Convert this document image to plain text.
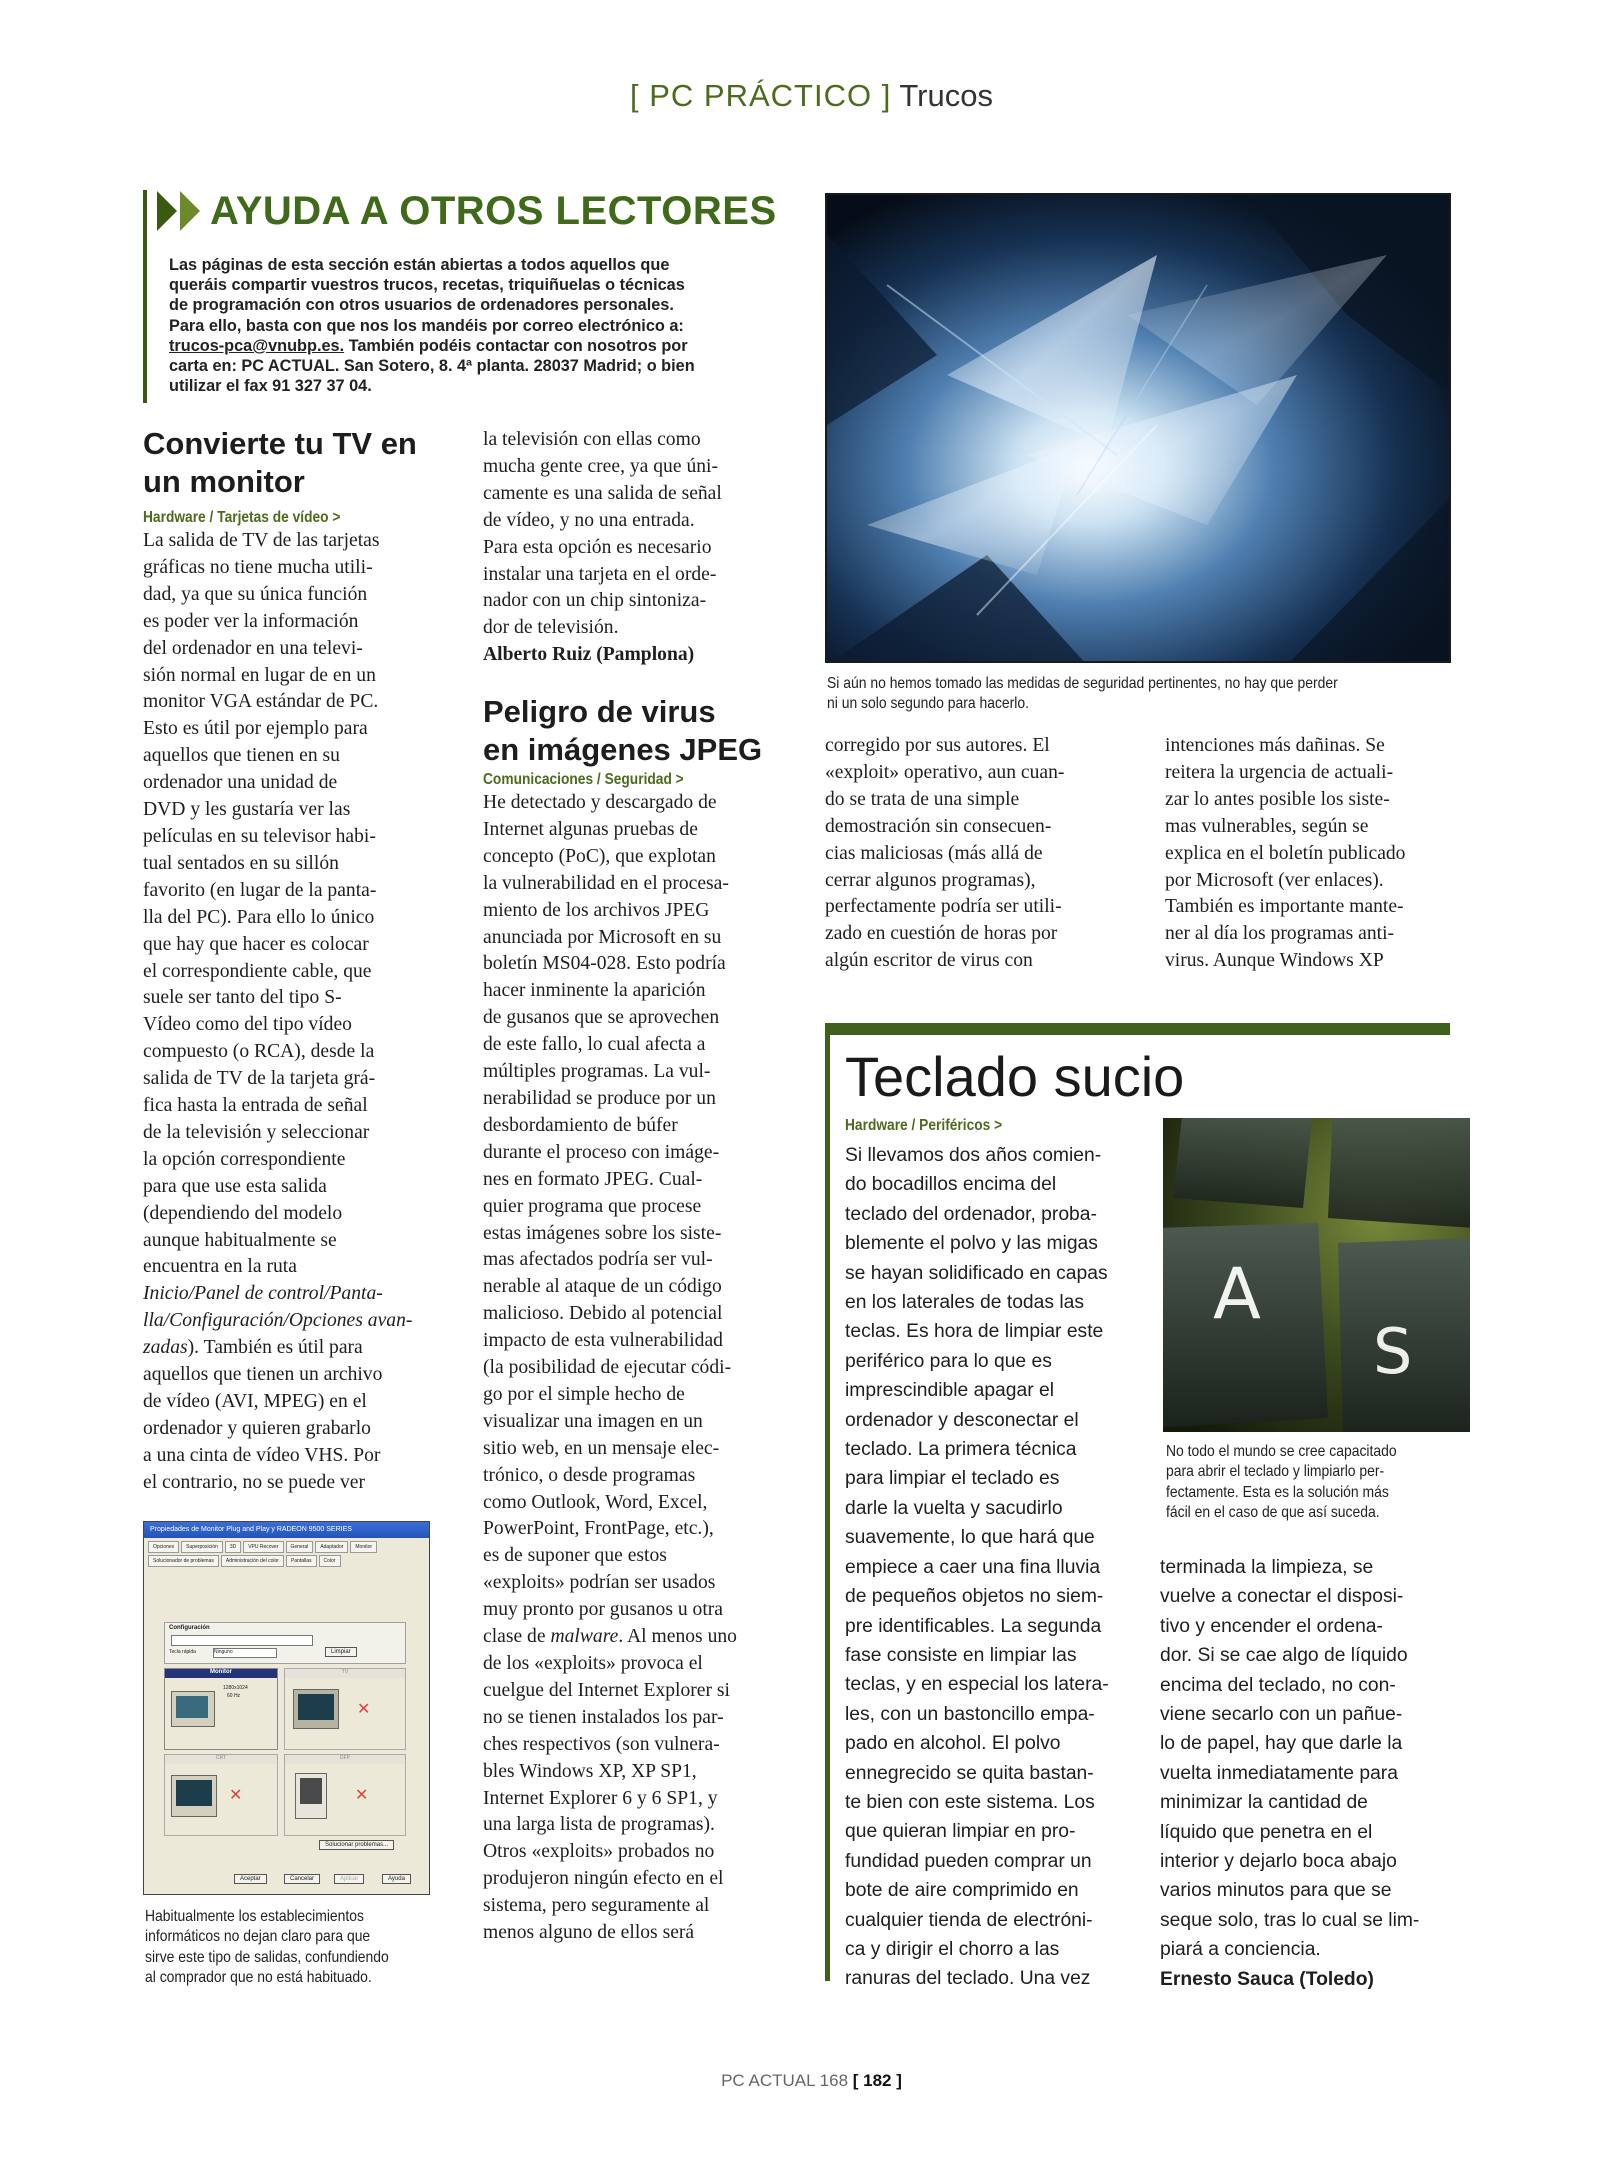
[ PC PRÁCTICO ] Trucos
AYUDA A OTROS LECTORES
Las páginas de esta sección están abiertas a todos aquellos que
queráis compartir vuestros trucos, recetas, triquiñuelas o técnicas
de programación con otros usuarios de ordenadores personales.
Para ello, basta con que nos los mandéis por correo electrónico a:
trucos-pca@vnubp.es. También podéis contactar con nosotros por
carta en: PC ACTUAL. San Sotero, 8. 4ª planta. 28037 Madrid; o bien
utilizar el fax 91 327 37 04.
Convierte tu TV en
un monitor
Hardware / Tarjetas de vídeo >
La salida de TV de las tarjetas
gráficas no tiene mucha utili-
dad, ya que su única función
es poder ver la información
del ordenador en una televi-
sión normal en lugar de en un
monitor VGA estándar de PC.
Esto es útil por ejemplo para
aquellos que tienen en su
ordenador una unidad de
DVD y les gustaría ver las
películas en su televisor habi-
tual sentados en su sillón
favorito (en lugar de la panta-
lla del PC). Para ello lo único
que hay que hacer es colocar
el correspondiente cable, que
suele ser tanto del tipo S-
Vídeo como del tipo vídeo
compuesto (o RCA), desde la
salida de TV de la tarjeta grá-
fica hasta la entrada de señal
de la televisión y seleccionar
la opción correspondiente
para que use esta salida
(dependiendo del modelo
aunque habitualmente se
encuentra en la ruta
Inicio/Panel de control/Panta-
lla/Configuración/Opciones avan-
zadas). También es útil para
aquellos que tienen un archivo
de vídeo (AVI, MPEG) en el
ordenador y quieren grabarlo
a una cinta de vídeo VHS. Por
el contrario, no se puede ver
la televisión con ellas como
mucha gente cree, ya que úni-
camente es una salida de señal
de vídeo, y no una entrada.
Para esta opción es necesario
instalar una tarjeta en el orde-
nador con un chip sintoniza-
dor de televisión.
Alberto Ruiz (Pamplona)
Propiedades de Monitor Plug and Play y RADEON 9500 SERIES
Opciones	Superposición	3D	VPU Recover	General	Adaptador	Monitor
Solucionador de problemas	Administración del color	Pantallas	Color
Configuración
Tecla rápida	Ninguno	Limpiar
Monitor
1280x1024
60 Hz
TV
✕
CRT
✕
DFP
✕
Solucionar problemas...
Aceptar	Cancelar	Aplicar	Ayuda
Habitualmente los establecimientos
informáticos no dejan claro para que
sirve este tipo de salidas, confundiendo
al comprador que no está habituado.
Peligro de virus
en imágenes JPEG
Comunicaciones / Seguridad >
He detectado y descargado de
Internet algunas pruebas de
concepto (PoC), que explotan
la vulnerabilidad en el procesa-
miento de los archivos JPEG
anunciada por Microsoft en su
boletín MS04-028. Esto podría
hacer inminente la aparición
de gusanos que se aprovechen
de este fallo, lo cual afecta a
múltiples programas. La vul-
nerabilidad se produce por un
desbordamiento de búfer
durante el proceso con imáge-
nes en formato JPEG. Cual-
quier programa que procese
estas imágenes sobre los siste-
mas afectados podría ser vul-
nerable al ataque de un código
malicioso. Debido al potencial
impacto de esta vulnerabilidad
(la posibilidad de ejecutar códi-
go por el simple hecho de
visualizar una imagen en un
sitio web, en un mensaje elec-
trónico, o desde programas
como Outlook, Word, Excel,
PowerPoint, FrontPage, etc.),
es de suponer que estos
«exploits» podrían ser usados
muy pronto por gusanos u otra
clase de malware. Al menos uno
de los «exploits» provoca el
cuelgue del Internet Explorer si
no se tienen instalados los par-
ches respectivos (son vulnera-
bles Windows XP, XP SP1,
Internet Explorer 6 y 6 SP1, y
una larga lista de programas).
Otros «exploits» probados no
produjeron ningún efecto en el
sistema, pero seguramente al
menos alguno de ellos será
Si aún no hemos tomado las medidas de seguridad pertinentes, no hay que perder
ni un solo segundo para hacerlo.
corregido por sus autores. El
«exploit» operativo, aun cuan-
do se trata de una simple
demostración sin consecuen-
cias maliciosas (más allá de
cerrar algunos programas),
perfectamente podría ser utili-
zado en cuestión de horas por
algún escritor de virus con
intenciones más dañinas. Se
reitera la urgencia de actuali-
zar lo antes posible los siste-
mas vulnerables, según se
explica en el boletín publicado
por Microsoft (ver enlaces).
También es importante mante-
ner al día los programas anti-
virus. Aunque Windows XP
Teclado sucio
Hardware / Periféricos >
Si llevamos dos años comien-
do bocadillos encima del
teclado del ordenador, proba-
blemente el polvo y las migas
se hayan solidificado en capas
en los laterales de todas las
teclas. Es hora de limpiar este
periférico para lo que es
imprescindible apagar el
ordenador y desconectar el
teclado. La primera técnica
para limpiar el teclado es
darle la vuelta y sacudirlo
suavemente, lo que hará que
empiece a caer una fina lluvia
de pequeños objetos no siem-
pre identificables. La segunda
fase consiste en limpiar las
teclas, y en especial los latera-
les, con un bastoncillo empa-
pado en alcohol. El polvo
ennegrecido se quita bastan-
te bien con este sistema. Los
que quieran limpiar en pro-
fundidad pueden comprar un
bote de aire comprimido en
cualquier tienda de electróni-
ca y dirigir el chorro a las
ranuras del teclado. Una vez
A
S
No todo el mundo se cree capacitado
para abrir el teclado y limpiarlo per-
fectamente. Esta es la solución más
fácil en el caso de que así suceda.
terminada la limpieza, se
vuelve a conectar el disposi-
tivo y encender el ordena-
dor. Si se cae algo de líquido
encima del teclado, no con-
viene secarlo con un pañue-
lo de papel, hay que darle la
vuelta inmediatamente para
minimizar la cantidad de
líquido que penetra en el
interior y dejarlo boca abajo
varios minutos para que se
seque solo, tras lo cual se lim-
piará a conciencia.
Ernesto Sauca (Toledo)
PC ACTUAL 168 [ 182 ]
